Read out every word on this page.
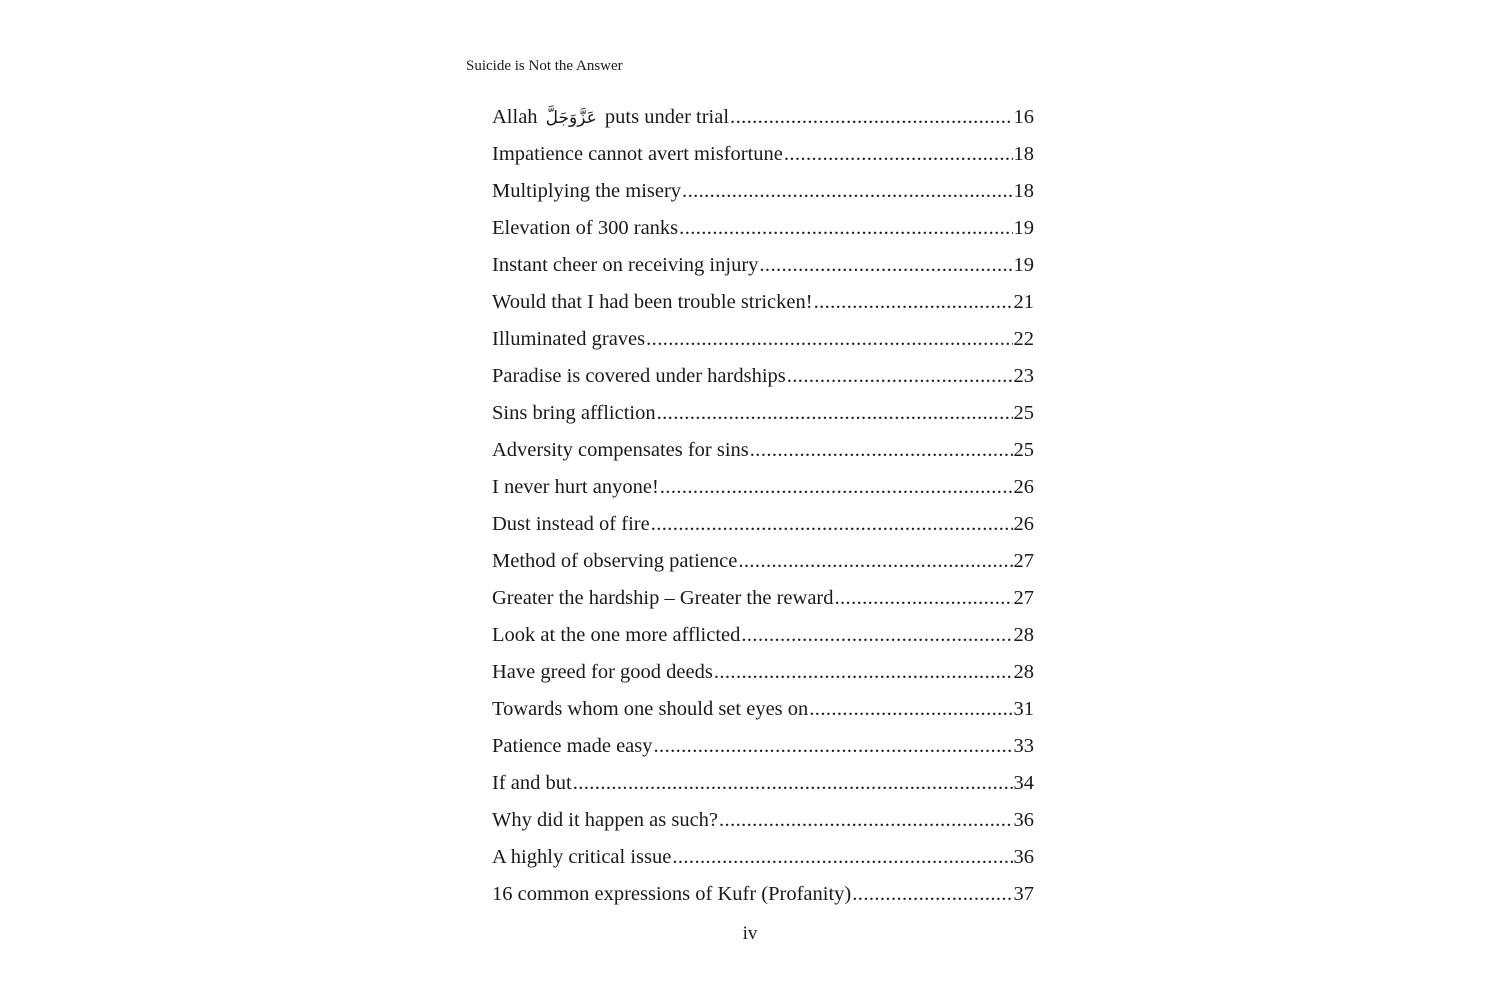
Suicide is Not the Answer
Allah عَزَّوَجَلَّ puts under trial .....	16
Impatience cannot avert misfortune .....	18
Multiplying the misery .....	18
Elevation of 300 ranks .....	19
Instant cheer on receiving injury .....	19
Would that I had been trouble stricken! .....	21
Illuminated graves .....	22
Paradise is covered under hardships .....	23
Sins bring affliction .....	25
Adversity compensates for sins .....	25
I never hurt anyone! .....	26
Dust instead of fire .....	26
Method of observing patience .....	27
Greater the hardship – Greater the reward .....	27
Look at the one more afflicted .....	28
Have greed for good deeds .....	28
Towards whom one should set eyes on .....	31
Patience made easy .....	33
If and but .....	34
Why did it happen as such? .....	36
A highly critical issue .....	36
16 common expressions of Kufr (Profanity) .....	37
iv
